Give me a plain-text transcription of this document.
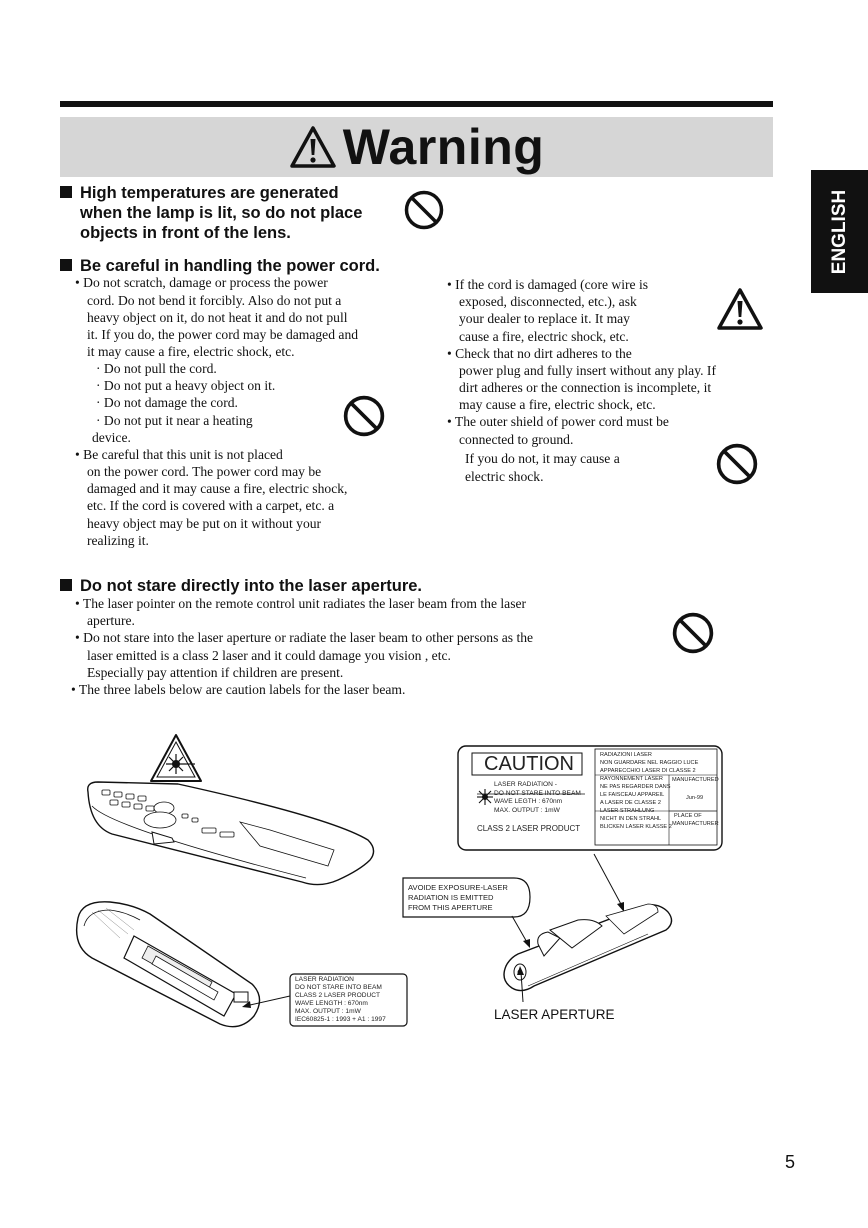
Warning
ENGLISH
High temperatures are generated
when the lamp is lit, so do not place
objects in front of the lens.
Be careful in handling the power cord.
• Do not scratch, damage or process the power
cord. Do not bend it forcibly. Also do not put a
heavy object on it, do not heat it and do not pull
it. If you do, the power cord may be damaged and
it may cause a fire, electric shock, etc.
· Do not pull the cord.
· Do not put a heavy object on it.
· Do not damage the cord.
· Do not put it near a heating
device.
• Be careful that this unit is not placed
on the power cord. The power cord may be
damaged and it may cause a fire, electric shock,
etc. If the cord is covered with a carpet, etc. a
heavy object may be put on it without your
realizing it.
• If the cord is damaged (core wire is
exposed, disconnected, etc.), ask
your dealer to replace it. It may
cause a fire, electric shock, etc.
• Check that no dirt adheres to the
power plug and fully insert without any play. If
dirt adheres or the connection is incomplete, it
may cause a fire, electric shock, etc.
• The outer shield of power cord must be
connected to ground.
If you do not, it may cause a
electric shock.
Do not stare directly into the laser aperture.
• The laser pointer on the remote control unit radiates the laser beam from the laser
aperture.
• Do not stare into the laser aperture or radiate the laser beam to other persons as the
laser emitted is a class 2 laser and it could damage you vision , etc.
Especially pay attention if children are present.
• The three labels below are caution labels for the laser beam.
CAUTION
LASER RADIATION -
DO NOT STARE INTO BEAM
WAVE LEGTH : 670nm
MAX. OUTPUT : 1mW
CLASS 2 LASER PRODUCT
RADIAZIONI LASER
NON GUARDARE NEL RAGGIO LUCE
APPARECCHIO LASER DI CLASSE 2
RAYONNEMENT LASER
NE PAS REGARDER DANS
LE FAISCEAU APPAREIL
A LASER DE CLASSE 2
LASER STRAHLUNG
NICHT IN DEN STRAHL
BLICKEN LASER KLASSE 2
MANUFACTURED
Jun-99
PLACE OF
MANUFACTURER
AVOIDE EXPOSURE-LASER
RADIATION IS EMITTED
FROM THIS APERTURE
LASER RADIATION
DO NOT STARE INTO BEAM
CLASS 2 LASER PRODUCT
WAVE LENGTH : 670nm
MAX. OUTPUT : 1mW
IEC60825-1 : 1993 + A1 : 1997	LASER APERTURE
5
